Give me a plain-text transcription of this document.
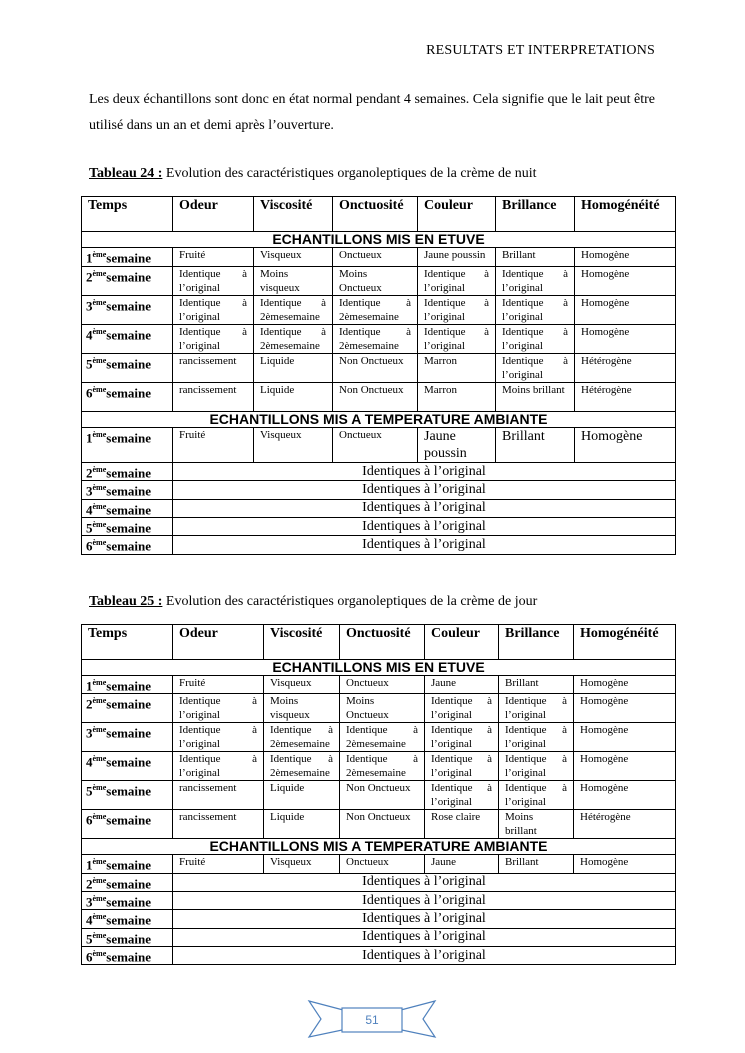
RESULTATS ET INTERPRETATIONS

Les deux échantillons sont donc en état normal pendant 4 semaines. Cela signifie que le lait peut être utilisé dans un an et demi après l’ouverture.

Tableau 24 : Evolution des caractéristiques organoleptiques de la crème de nuit
Temps	Odeur	Viscosité	Onctuosité	Couleur	Brillance	Homogénéité
ECHANTILLONS MIS EN ETUVE						
1èmesemaine	Fruité	Visqueux	Onctueux	Jaune poussin	Brillant	Homogène

2èmesemaine	Identique à l’original	Moins visqueux	Moins Onctueux	Identique à l’original	Identique à l’original	Homogène

3èmesemaine	Identique à l’original	Identique à 2èmesemaine	Identique à 2èmesemaine	Identique à l’original	Identique à l’original	Homogène

4èmesemaine	Identique à l’original	Identique à 2èmesemaine	Identique à 2èmesemaine	Identique à l’original	Identique à l’original	Homogène

5èmesemaine	rancissement	Liquide	Non Onctueux	Marron	Identique à l’original	Hétérogène

6èmesemaine	rancissement	Liquide	Non Onctueux	Marron	Moins brillant	Hétérogène

ECHANTILLONS MIS A TEMPERATURE AMBIANTE						
1èmesemaine	Fruité	Visqueux	Onctueux	Jaune poussin	Brillant	Homogène

2èmesemaine	Identiques à l’original					
3èmesemaine	Identiques à l’original					
4èmesemaine	Identiques à l’original					
5èmesemaine	Identiques à l’original					
6èmesemaine	Identiques à l’original					
Tableau 25 : Evolution des caractéristiques organoleptiques de la crème de jour
Temps	Odeur	Viscosité	Onctuosité	Couleur	Brillance	Homogénéité
ECHANTILLONS MIS EN ETUVE						
1èmesemaine	Fruité	Visqueux	Onctueux	Jaune	Brillant	Homogène

2èmesemaine	Identique à l’original	Moins visqueux	Moins Onctueux	Identique à l’original	Identique à l’original	Homogène

3èmesemaine	Identique à l’original	Identique à 2èmesemaine	Identique à 2èmesemaine	Identique à l’original	Identique à l’original	Homogène

4èmesemaine	Identique à l’original	Identique à 2èmesemaine	Identique à 2èmesemaine	Identique à l’original	Identique à l’original	Homogène

5èmesemaine	rancissement	Liquide	Non Onctueux	Identique à l’original	Identique à l’original	Homogène

6èmesemaine	rancissement	Liquide	Non Onctueux	Rose claire	Moins brillant	Hétérogène

ECHANTILLONS MIS A TEMPERATURE AMBIANTE						
1èmesemaine	Fruité	Visqueux	Onctueux	Jaune	Brillant	Homogène

2èmesemaine	Identiques à l’original					
3èmesemaine	Identiques à l’original					
4èmesemaine	Identiques à l’original					
5èmesemaine	Identiques à l’original					
6èmesemaine	Identiques à l’original					
51
